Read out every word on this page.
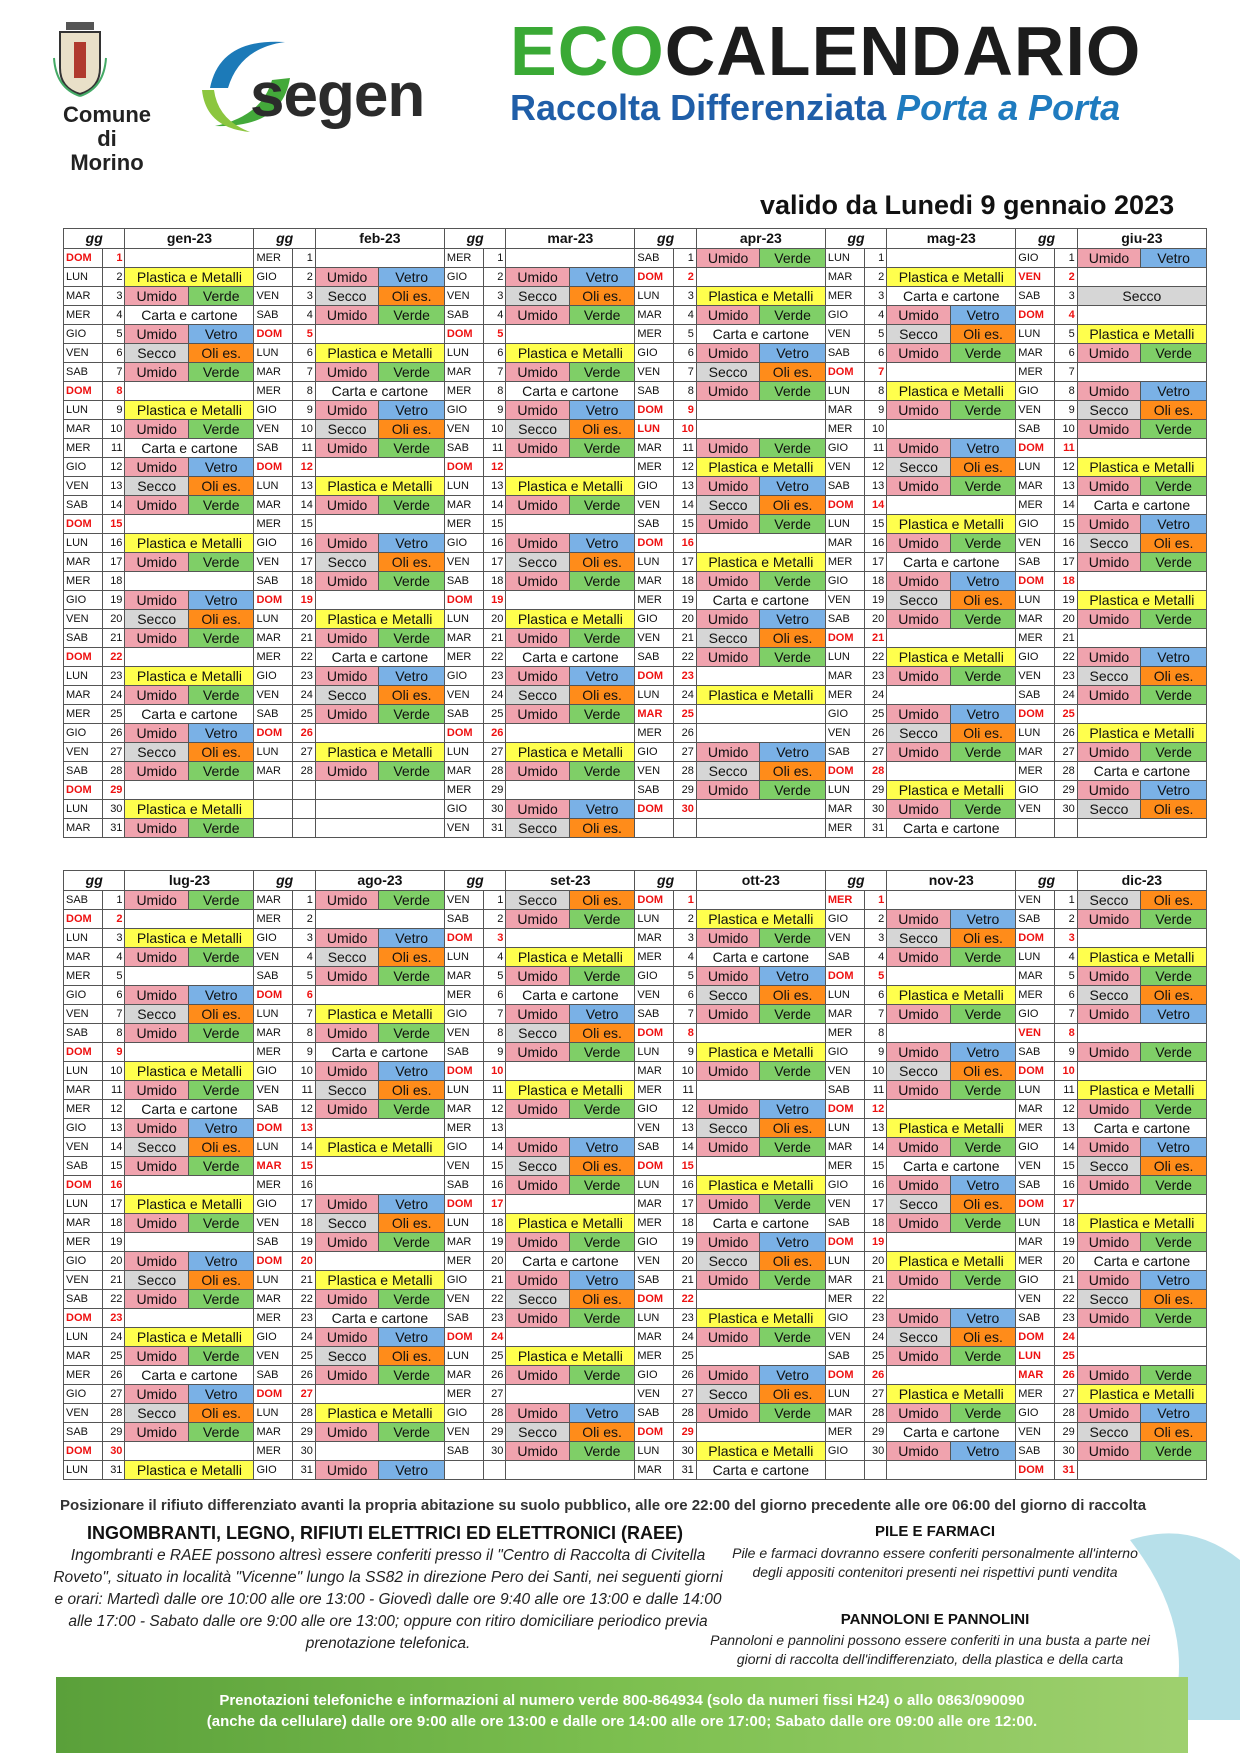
Comune di
Morino
segen
ECOCALENDARIO
Raccolta Differenziata Porta a Porta
valido da Lunedi 9 gennaio 2023
gg		gen-23		gg		feb-23		gg		mar-23		gg		apr-23		gg		mag-23		gg		giu-23	
DOM	1			MER	1			MER	1			SAB	1	Umido	Verde	LUN	1			GIO	1	Umido	Vetro
LUN	2	Plastica e Metalli		GIO	2	Umido	Vetro	GIO	2	Umido	Vetro	DOM	2			MAR	2	Plastica e Metalli		VEN	2		
MAR	3	Umido	Verde	VEN	3	Secco	Oli es.	VEN	3	Secco	Oli es.	LUN	3	Plastica e Metalli		MER	3	Carta e cartone		SAB	3	Secco	
MER	4	Carta e cartone		SAB	4	Umido	Verde	SAB	4	Umido	Verde	MAR	4	Umido	Verde	GIO	4	Umido	Vetro	DOM	4		
GIO	5	Umido	Vetro	DOM	5			DOM	5			MER	5	Carta e cartone		VEN	5	Secco	Oli es.	LUN	5	Plastica e Metalli	
VEN	6	Secco	Oli es.	LUN	6	Plastica e Metalli		LUN	6	Plastica e Metalli		GIO	6	Umido	Vetro	SAB	6	Umido	Verde	MAR	6	Umido	Verde
SAB	7	Umido	Verde	MAR	7	Umido	Verde	MAR	7	Umido	Verde	VEN	7	Secco	Oli es.	DOM	7			MER	7		
DOM	8			MER	8	Carta e cartone		MER	8	Carta e cartone		SAB	8	Umido	Verde	LUN	8	Plastica e Metalli		GIO	8	Umido	Vetro
LUN	9	Plastica e Metalli		GIO	9	Umido	Vetro	GIO	9	Umido	Vetro	DOM	9			MAR	9	Umido	Verde	VEN	9	Secco	Oli es.
MAR	10	Umido	Verde	VEN	10	Secco	Oli es.	VEN	10	Secco	Oli es.	LUN	10			MER	10			SAB	10	Umido	Verde
MER	11	Carta e cartone		SAB	11	Umido	Verde	SAB	11	Umido	Verde	MAR	11	Umido	Verde	GIO	11	Umido	Vetro	DOM	11		
GIO	12	Umido	Vetro	DOM	12			DOM	12			MER	12	Plastica e Metalli		VEN	12	Secco	Oli es.	LUN	12	Plastica e Metalli	
VEN	13	Secco	Oli es.	LUN	13	Plastica e Metalli		LUN	13	Plastica e Metalli		GIO	13	Umido	Vetro	SAB	13	Umido	Verde	MAR	13	Umido	Verde
SAB	14	Umido	Verde	MAR	14	Umido	Verde	MAR	14	Umido	Verde	VEN	14	Secco	Oli es.	DOM	14			MER	14	Carta e cartone	
DOM	15			MER	15			MER	15			SAB	15	Umido	Verde	LUN	15	Plastica e Metalli		GIO	15	Umido	Vetro
LUN	16	Plastica e Metalli		GIO	16	Umido	Vetro	GIO	16	Umido	Vetro	DOM	16			MAR	16	Umido	Verde	VEN	16	Secco	Oli es.
MAR	17	Umido	Verde	VEN	17	Secco	Oli es.	VEN	17	Secco	Oli es.	LUN	17	Plastica e Metalli		MER	17	Carta e cartone		SAB	17	Umido	Verde
MER	18			SAB	18	Umido	Verde	SAB	18	Umido	Verde	MAR	18	Umido	Verde	GIO	18	Umido	Vetro	DOM	18		
GIO	19	Umido	Vetro	DOM	19			DOM	19			MER	19	Carta e cartone		VEN	19	Secco	Oli es.	LUN	19	Plastica e Metalli	
VEN	20	Secco	Oli es.	LUN	20	Plastica e Metalli		LUN	20	Plastica e Metalli		GIO	20	Umido	Vetro	SAB	20	Umido	Verde	MAR	20	Umido	Verde
SAB	21	Umido	Verde	MAR	21	Umido	Verde	MAR	21	Umido	Verde	VEN	21	Secco	Oli es.	DOM	21			MER	21		
DOM	22			MER	22	Carta e cartone		MER	22	Carta e cartone		SAB	22	Umido	Verde	LUN	22	Plastica e Metalli		GIO	22	Umido	Vetro
LUN	23	Plastica e Metalli		GIO	23	Umido	Vetro	GIO	23	Umido	Vetro	DOM	23			MAR	23	Umido	Verde	VEN	23	Secco	Oli es.
MAR	24	Umido	Verde	VEN	24	Secco	Oli es.	VEN	24	Secco	Oli es.	LUN	24	Plastica e Metalli		MER	24			SAB	24	Umido	Verde
MER	25	Carta e cartone		SAB	25	Umido	Verde	SAB	25	Umido	Verde	MAR	25			GIO	25	Umido	Vetro	DOM	25		
GIO	26	Umido	Vetro	DOM	26			DOM	26			MER	26			VEN	26	Secco	Oli es.	LUN	26	Plastica e Metalli	
VEN	27	Secco	Oli es.	LUN	27	Plastica e Metalli		LUN	27	Plastica e Metalli		GIO	27	Umido	Vetro	SAB	27	Umido	Verde	MAR	27	Umido	Verde
SAB	28	Umido	Verde	MAR	28	Umido	Verde	MAR	28	Umido	Verde	VEN	28	Secco	Oli es.	DOM	28			MER	28	Carta e cartone	
DOM	29							MER	29			SAB	29	Umido	Verde	LUN	29	Plastica e Metalli		GIO	29	Umido	Vetro
LUN	30	Plastica e Metalli						GIO	30	Umido	Vetro	DOM	30			MAR	30	Umido	Verde	VEN	30	Secco	Oli es.
MAR	31	Umido	Verde					VEN	31	Secco	Oli es.					MER	31	Carta e cartone					
gg		lug-23		gg		ago-23		gg		set-23		gg		ott-23		gg		nov-23		gg		dic-23	
SAB	1	Umido	Verde	MAR	1	Umido	Verde	VEN	1	Secco	Oli es.	DOM	1			MER	1			VEN	1	Secco	Oli es.
DOM	2			MER	2			SAB	2	Umido	Verde	LUN	2	Plastica e Metalli		GIO	2	Umido	Vetro	SAB	2	Umido	Verde
LUN	3	Plastica e Metalli		GIO	3	Umido	Vetro	DOM	3			MAR	3	Umido	Verde	VEN	3	Secco	Oli es.	DOM	3		
MAR	4	Umido	Verde	VEN	4	Secco	Oli es.	LUN	4	Plastica e Metalli		MER	4	Carta e cartone		SAB	4	Umido	Verde	LUN	4	Plastica e Metalli	
MER	5			SAB	5	Umido	Verde	MAR	5	Umido	Verde	GIO	5	Umido	Vetro	DOM	5			MAR	5	Umido	Verde
GIO	6	Umido	Vetro	DOM	6			MER	6	Carta e cartone		VEN	6	Secco	Oli es.	LUN	6	Plastica e Metalli		MER	6	Secco	Oli es.
VEN	7	Secco	Oli es.	LUN	7	Plastica e Metalli		GIO	7	Umido	Vetro	SAB	7	Umido	Verde	MAR	7	Umido	Verde	GIO	7	Umido	Vetro
SAB	8	Umido	Verde	MAR	8	Umido	Verde	VEN	8	Secco	Oli es.	DOM	8			MER	8			VEN	8		
DOM	9			MER	9	Carta e cartone		SAB	9	Umido	Verde	LUN	9	Plastica e Metalli		GIO	9	Umido	Vetro	SAB	9	Umido	Verde
LUN	10	Plastica e Metalli		GIO	10	Umido	Vetro	DOM	10			MAR	10	Umido	Verde	VEN	10	Secco	Oli es.	DOM	10		
MAR	11	Umido	Verde	VEN	11	Secco	Oli es.	LUN	11	Plastica e Metalli		MER	11			SAB	11	Umido	Verde	LUN	11	Plastica e Metalli	
MER	12	Carta e cartone		SAB	12	Umido	Verde	MAR	12	Umido	Verde	GIO	12	Umido	Vetro	DOM	12			MAR	12	Umido	Verde
GIO	13	Umido	Vetro	DOM	13			MER	13			VEN	13	Secco	Oli es.	LUN	13	Plastica e Metalli		MER	13	Carta e cartone	
VEN	14	Secco	Oli es.	LUN	14	Plastica e Metalli		GIO	14	Umido	Vetro	SAB	14	Umido	Verde	MAR	14	Umido	Verde	GIO	14	Umido	Vetro
SAB	15	Umido	Verde	MAR	15			VEN	15	Secco	Oli es.	DOM	15			MER	15	Carta e cartone		VEN	15	Secco	Oli es.
DOM	16			MER	16			SAB	16	Umido	Verde	LUN	16	Plastica e Metalli		GIO	16	Umido	Vetro	SAB	16	Umido	Verde
LUN	17	Plastica e Metalli		GIO	17	Umido	Vetro	DOM	17			MAR	17	Umido	Verde	VEN	17	Secco	Oli es.	DOM	17		
MAR	18	Umido	Verde	VEN	18	Secco	Oli es.	LUN	18	Plastica e Metalli		MER	18	Carta e cartone		SAB	18	Umido	Verde	LUN	18	Plastica e Metalli	
MER	19			SAB	19	Umido	Verde	MAR	19	Umido	Verde	GIO	19	Umido	Vetro	DOM	19			MAR	19	Umido	Verde
GIO	20	Umido	Vetro	DOM	20			MER	20	Carta e cartone		VEN	20	Secco	Oli es.	LUN	20	Plastica e Metalli		MER	20	Carta e cartone	
VEN	21	Secco	Oli es.	LUN	21	Plastica e Metalli		GIO	21	Umido	Vetro	SAB	21	Umido	Verde	MAR	21	Umido	Verde	GIO	21	Umido	Vetro
SAB	22	Umido	Verde	MAR	22	Umido	Verde	VEN	22	Secco	Oli es.	DOM	22			MER	22			VEN	22	Secco	Oli es.
DOM	23			MER	23	Carta e cartone		SAB	23	Umido	Verde	LUN	23	Plastica e Metalli		GIO	23	Umido	Vetro	SAB	23	Umido	Verde
LUN	24	Plastica e Metalli		GIO	24	Umido	Vetro	DOM	24			MAR	24	Umido	Verde	VEN	24	Secco	Oli es.	DOM	24		
MAR	25	Umido	Verde	VEN	25	Secco	Oli es.	LUN	25	Plastica e Metalli		MER	25			SAB	25	Umido	Verde	LUN	25		
MER	26	Carta e cartone		SAB	26	Umido	Verde	MAR	26	Umido	Verde	GIO	26	Umido	Vetro	DOM	26			MAR	26	Umido	Verde
GIO	27	Umido	Vetro	DOM	27			MER	27			VEN	27	Secco	Oli es.	LUN	27	Plastica e Metalli		MER	27	Plastica e Metalli	
VEN	28	Secco	Oli es.	LUN	28	Plastica e Metalli		GIO	28	Umido	Vetro	SAB	28	Umido	Verde	MAR	28	Umido	Verde	GIO	28	Umido	Vetro
SAB	29	Umido	Verde	MAR	29	Umido	Verde	VEN	29	Secco	Oli es.	DOM	29			MER	29	Carta e cartone		VEN	29	Secco	Oli es.
DOM	30			MER	30			SAB	30	Umido	Verde	LUN	30	Plastica e Metalli		GIO	30	Umido	Vetro	SAB	30	Umido	Verde
LUN	31	Plastica e Metalli		GIO	31	Umido	Vetro					MAR	31	Carta e cartone						DOM	31		
Posizionare il rifiuto differenziato avanti la propria abitazione su suolo pubblico, alle ore 22:00 del giorno precedente alle ore 06:00 del giorno di raccolta
INGOMBRANTI, LEGNO, RIFIUTI ELETTRICI ED ELETTRONICI (RAEE)
Ingombranti e RAEE possono altresì essere conferiti presso il "Centro di Raccolta di Civitella Roveto", situato in località "Vicenne" lungo la SS82 in direzione Pero dei Santi, nei seguenti giorni e orari: Martedì dalle ore 10:00 alle ore 13:00 - Giovedì dalle ore 9:40 alle ore 13:00 e dalle 14:00 alle 17:00 - Sabato dalle ore 9:00 alle ore 13:00; oppure con ritiro domiciliare periodico previa prenotazione telefonica.
PILE E FARMACI
Pile e farmaci dovranno essere conferiti personalmente all'interno degli appositi contenitori presenti nei rispettivi punti vendita
PANNOLONI E PANNOLINI
Pannoloni e pannolini possono essere conferiti in una busta a parte nei giorni di raccolta dell'indifferenziato, della plastica e della carta
Prenotazioni telefoniche e informazioni al numero verde 800-864934 (solo da numeri fissi H24) o allo 0863/090090
(anche da cellulare) dalle ore 9:00 alle ore 13:00 e dalle ore 14:00 alle ore 17:00; Sabato dalle ore 09:00 alle ore 12:00.
